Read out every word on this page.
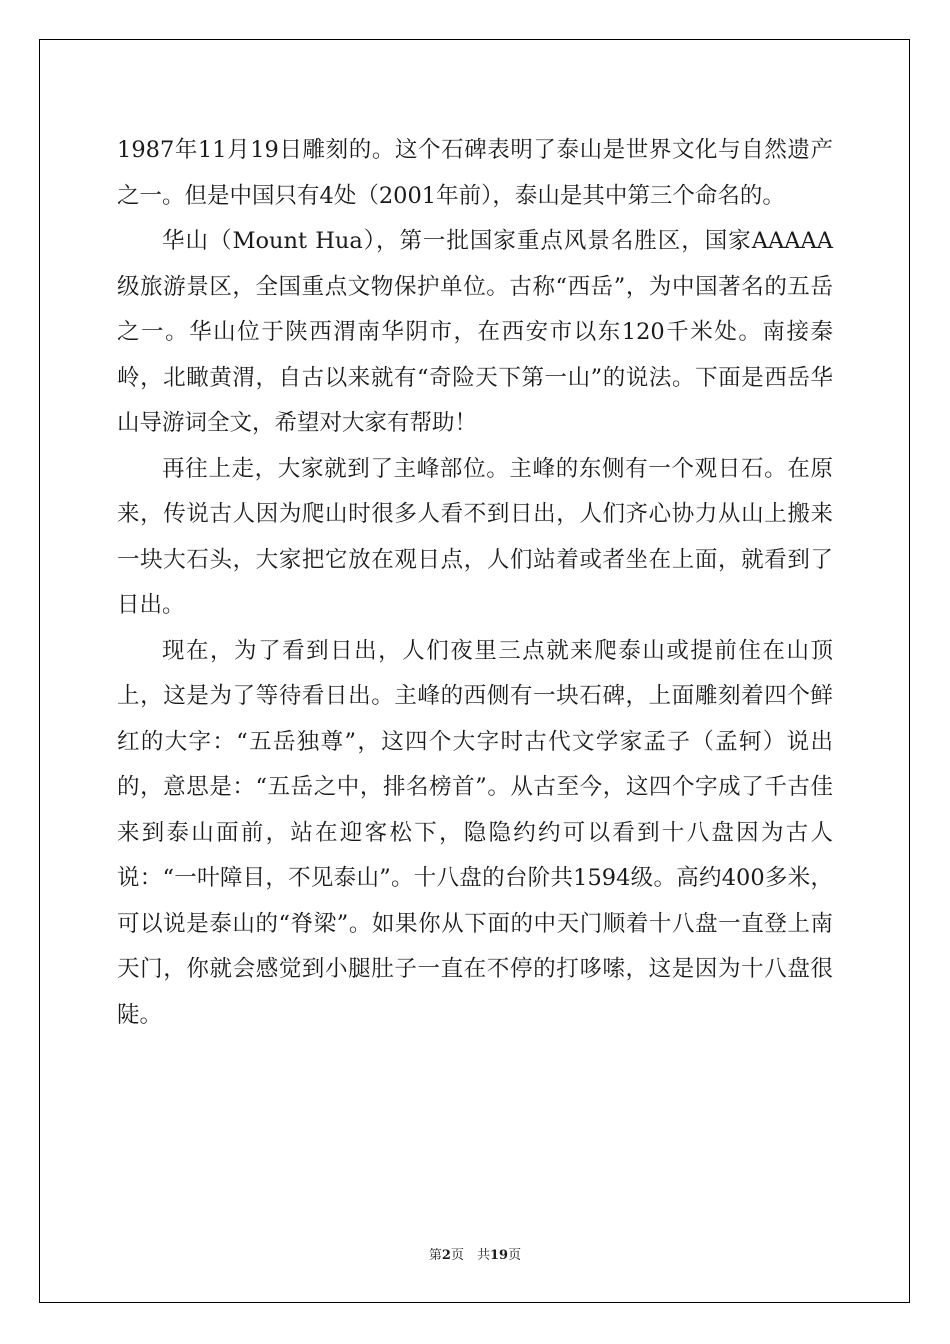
1987年11月19日雕刻的。这个石碑表明了泰山是世界文化与自然遗产之一。但是中国只有4处（2001年前），泰山是其中第三个命名的。

华山（Mount Hua），第一批国家重点风景名胜区，国家AAAAA级旅游景区，全国重点文物保护单位。古称“西岳”，为中国著名的五岳之一。华山位于陕西渭南华阴市，在西安市以东120千米处。南接秦岭，北瞰黄渭，自古以来就有“奇险天下第一山”的说法。下面是西岳华山导游词全文，希望对大家有帮助！

再往上走，大家就到了主峰部位。主峰的东侧有一个观日石。在原来，传说古人因为爬山时很多人看不到日出，人们齐心协力从山上搬来一块大石头，大家把它放在观日点，人们站着或者坐在上面，就看到了日出。

现在，为了看到日出，人们夜里三点就来爬泰山或提前住在山顶上，这是为了等待看日出。主峰的西侧有一块石碑，上面雕刻着四个鲜红的大字：“五岳独尊”，这四个大字时古代文学家孟子（孟轲）说出的，意思是：“五岳之中，排名榜首”。从古至今，这四个字成了千古佳 来到泰山面前，站在迎客松下，隐隐约约可以看到十八盘因为古人说：“一叶障目，不见泰山”。十八盘的台阶共1594级。高约400多米，可以说是泰山的“脊梁”。如果你从下面的中天门顺着十八盘一直登上南天门，你就会感觉到小腿肚子一直在不停的打哆嗦，这是因为十八盘很陡。

第2页　共19页
